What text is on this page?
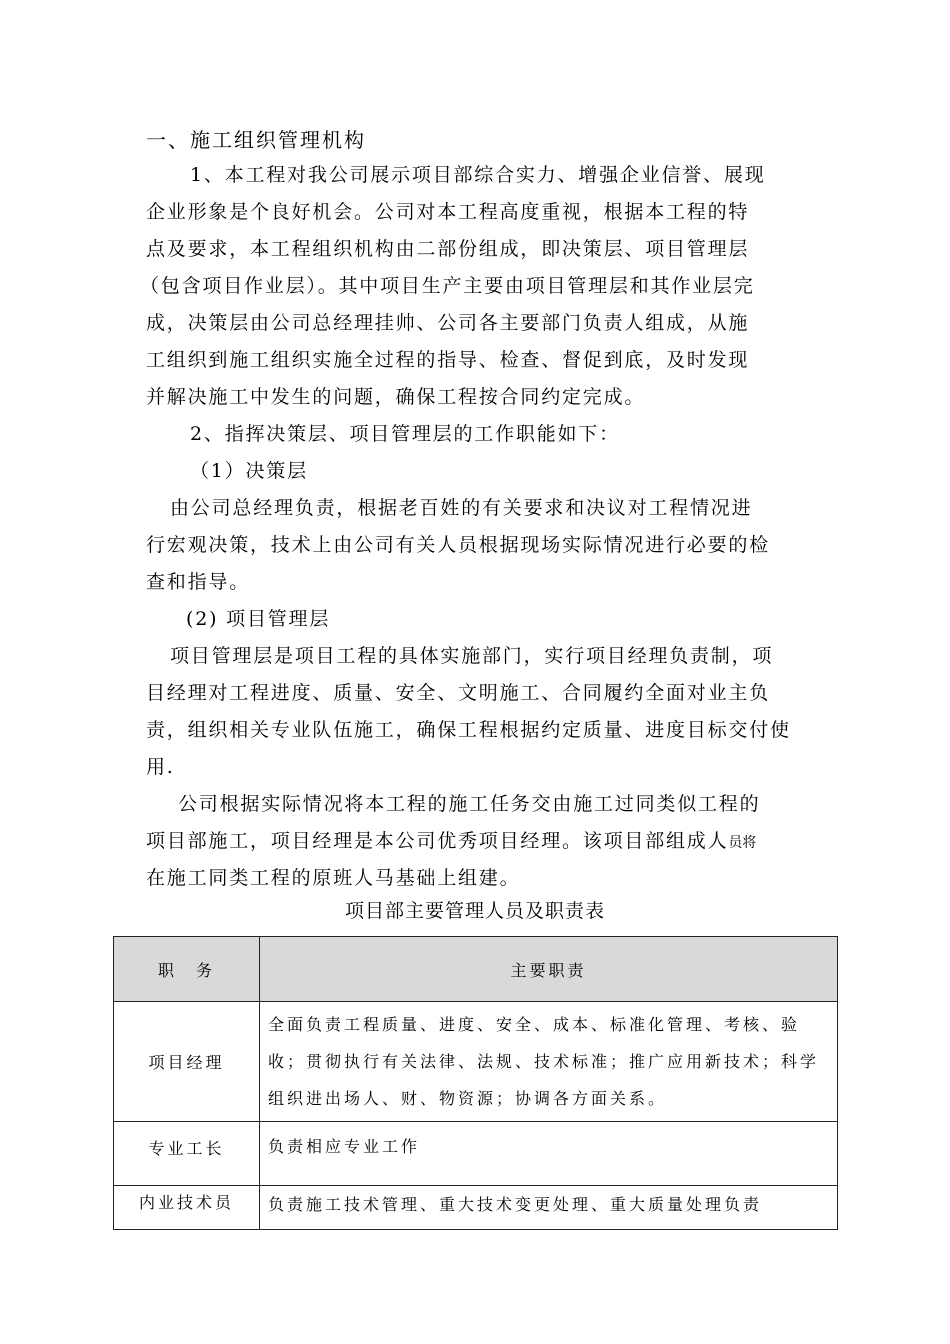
一、施工组织管理机构
1、本工程对我公司展示项目部综合实力、增强企业信誉、展现
企业形象是个良好机会。公司对本工程高度重视，根据本工程的特
点及要求，本工程组织机构由二部份组成，即决策层、项目管理层
（包含项目作业层）。其中项目生产主要由项目管理层和其作业层完
成，决策层由公司总经理挂帅、公司各主要部门负责人组成，从施
工组织到施工组织实施全过程的指导、检查、督促到底，及时发现
并解决施工中发生的问题，确保工程按合同约定完成。
2、指挥决策层、项目管理层的工作职能如下：
（1）决策层
由公司总经理负责，根据老百姓的有关要求和决议对工程情况进
行宏观决策，技术上由公司有关人员根据现场实际情况进行必要的检
查和指导。
(2) 项目管理层
项目管理层是项目工程的具体实施部门，实行项目经理负责制，项
目经理对工程进度、质量、安全、文明施工、合同履约全面对业主负
责，组织相关专业队伍施工，确保工程根据约定质量、进度目标交付使
用.
公司根据实际情况将本工程的施工任务交由施工过同类似工程的
项目部施工，项目经理是本公司优秀项目经理。该项目部组成人员将
在施工同类工程的原班人马基础上组建。
项目部主要管理人员及职责表
职　务	主要职责
项目经理	全面负责工程质量、进度、安全、成本、标准化管理、考核、验收；贯彻执行有关法律、法规、技术标准；推广应用新技术；科学组织进出场人、财、物资源；协调各方面关系。
专业工长	负责相应专业工作
内业技术员	负责施工技术管理、重大技术变更处理、重大质量处理负责
